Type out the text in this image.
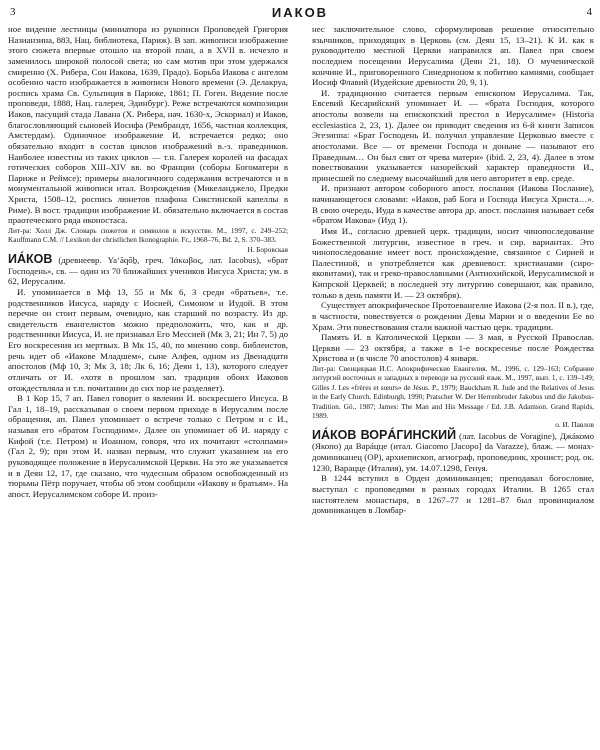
3	ИАКОВ	4

ное видение лестницы (миниатюра из рукописи Проповедей Григория Назианзина, 883, Нац. библиотека, Париж). В зап. живописи изображение этого сюжета впервые отошло на второй план, а в XVII в. исчезло и заменилось широкой полосой света; но сам мотив при этом удержался смиренно (Х. Рибера, Сон Иакова, 1639, Прадо). Борьба Иакова с ангелом особенно часто изображается в живописи Нового времени (Э. Делакруа, роспись храма Св. Сульпиция в Париже, 1861; П. Гоген. Видение после проповеди, 1888, Нац. галерея, Эдинбург). Реже встречаются композиции Иаков, пасущий стада Лавана (Х. Рибера, нач. 1630-х, Эскориал) и Иаков, благословляющий сыновей Иосифа (Рембрандт, 1656, частная коллекция, Амстердам). Одиночное изображение И. встречается редко; оно обязательно входит в состав циклов изображений в.-з. праведников. Наиболее известны из таких циклов — т.н. Галерея королей на фасадах готических соборов XIII–XIV вв. во Франции (соборы Богоматери в Париже и Реймсе); примеры аналогичного содержания встречаются и в монументальной живописи итал. Возрождения (Микеланджело, Предки Христа, 1508–12, роспись люнетов плафона Сикстинской капеллы в Риме). В вост. традиции изображение И. обязательно включается в состав праотеческого ряда иконостаса.

Лит-ра: Холл Дж. Словарь сюжетов и символов в искусстве. М., 1997, с. 249–252; Kauffmann C.M. // Lexikon der christlichen Ikonographie. Fr., 1968–76, Bd. 2, S. 370–383.

Н. Боровская

ИÁКОВ (древнеевр. Ya‘ăqōḇ, греч. Ἰάκωβος, лат. Iacobus), «брат Господень», св. — один из 70 ближайших учеников Иисуса Христа; ум. в 62, Иерусалим.

И. упоминается в Мф 13, 55 и Мк 6, 3 среди «братьев», т.е. родственников Иисуса, наряду с Иосией, Симоном и Иудой. В этом перечне он стоит первым, очевидно, как старший по возрасту. Из др. свидетельств евангелистов можно предположить, что, как и др. родственники Иисуса, И. не признавал Его Мессией (Мк 3, 21; Ин 7, 5) до Его воскресения из мертвых. В Мк 15, 40, по мнению совр. библеистов, речь идет об «Иакове Младшем», сыне Алфея, одном из Двенадцати апостолов (Мф 10, 3; Мк 3, 18; Лк 6, 16; Деян 1, 13), которого следует отличать от И. «хотя в прошлом зап. традиция обоих Иаковов отождествляла и т.п. почитании до сих пор не разделяет).

В 1 Кор 15, 7 ап. Павел говорит о явлении И. воскресшего Иисуса. В Гал 1, 18–19, рассказывая о своем первом приходе в Иерусалим после обращения, ап. Павел упоминает о встрече только с Петром и с И., называя его «братом Господним». Далее он упоминает об И. наряду с Кифой (т.е. Петром) и Иоанном, говоря, что их почитают «столпами» (Гал 2, 9); при этом И. назван первым, что служит указанием на его руководящее положение в Иерусалимской Церкви. На это же указывается и в Деян 12, 17, где сказано, что чудесным образом освобожденный из тюрьмы Пётр поручает, чтобы об этом сообщили «Иакову и братьям». На апост. Иерусалимском соборе И. произ-

нес заключительное слово, сформулировав решение относительно язычников, приходящих в Церковь (см. Деян 15, 13–21). К И. как к руководителю местной Церкви направился ап. Павел при своем последнем посещении Иерусалима (Деян 21, 18). О мученической кончине И., приговоренного Синедрионом к побитию камнями, сообщает Иосиф Флавий (Иудейские древности 20, 9, 1).

И. традиционно считается первым епископом Иерусалима. Так, Евсевий Кесарийский упоминает И. — «брата Господня, которого апостолы возвели на епископский престол в Иерусалиме» (Historia ecclesiastica 2, 23, 1). Далее он приводит сведения из 6-й книги Записок Эгезиппа: «Брат Господень И. получил управление Церковью вместе с апостолами. Все — от времени Господа и доныне — называют его Праведным… Он был свят от чрева матери» (ibid. 2, 23, 4). Далее в этом повествовании указывается назорейский характер праведности И., принесшей по следнему высочайший для него авторитет в евр. среде.

И. признают автором соборного апост. послания (Иакова Послание), начинающегося словами: «Иаков, раб Бога и Господа Иисуса Христа…». В свою очередь, Иуда в качестве автора др. апост. послания называет себя «братом Иакова» (Иуд 1).

Имя И., согласно древней церк. традиции, носит чинопоследование Божественной литургии, известное в греч. и сир. вариантах. Это чинопоследование имеет вост. происхождение, связанное с Сирией и Палестиной, и употребляется как древневост. христианами (сиро-яковитами), так и греко-православными (Антиохийской, Иерусалимской и Кипрской Церквей; в последней эту литургию совершают, как правило, только в день памяти И. — 23 октября).

Существует апокрифическое Протоевангелие Иакова (2-я пол. II в.), где, в частности, повествуется о рождении Девы Марии и о введении Ее во Храм. Эти повествования стали важной частью церк. традиции.

Память И. в Католической Церкви — 3 мая, в Русской Православ. Церкви — 23 октября, а также в 1-е воскресенье после Рождества Христова и (в числе 70 апостолов) 4 января.

Лит-ра: Свенцицкая И.С. Апокрифические Евангелия. М., 1996, с. 129–163; Собрание литургий восточных и западных в переводе на русский язык. М., 1997, вып. 1, с. 139–149; Gilles J. Les «frères et sœurs» de Jésus. P., 1979; Bauckham R. Jude and the Relatives of Jesus in the Early Church. Edinburgh, 1990; Pratscher W. Der Herrenbruder Jakobus und die Jakobus-Tradition. Gö., 1987; James: The Man and His Message / Ed. J.B. Adamson. Grand Rapids, 1989.

о. И. Павлов

ИÁКОВ ВОРÁГИНСКИЙ (лат. Iacobus de Voragine), Джáкомо (Якопо) да Варáцце (итал. Giacomo [Jacopo] da Varazze), блаж. — монах-доминиканец (OP), архиепископ, агиограф, проповедник, хронист; род. ок. 1230, Варацце (Италия), ум. 14.07.1298, Генуя.

В 1244 вступил в Орден доминиканцев; преподавал богословие, выступал с проповедями в разных городах Италии. В 1265 стал настоятелем монастыря, в 1267–77 и 1281–87 был провинциалом доминиканцев в Ломбар-
